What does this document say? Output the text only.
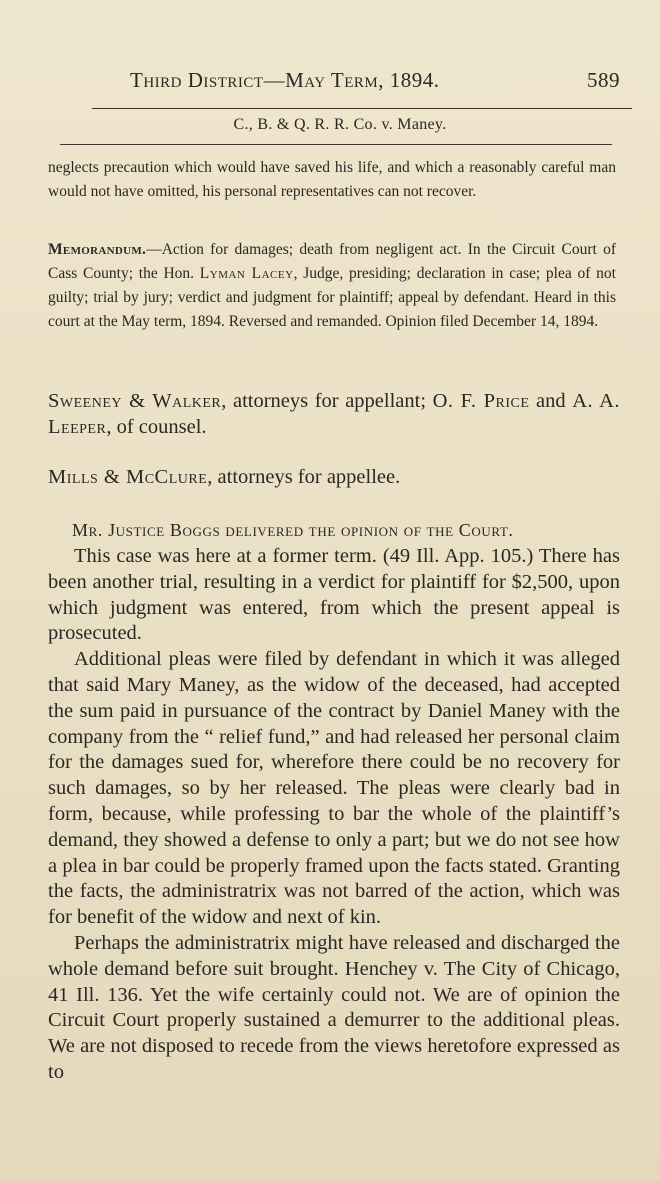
Third District—May Term, 1894.	589
C., B. & Q. R. R. Co. v. Maney.

neglects precaution which would have saved his life, and which a reasonably careful man would not have omitted, his personal representatives can not recover.

Memorandum.—Action for damages; death from negligent act. In the Circuit Court of Cass County; the Hon. Lyman Lacey, Judge, presiding; declaration in case; plea of not guilty; trial by jury; verdict and judgment for plaintiff; appeal by defendant. Heard in this court at the May term, 1894. Reversed and remanded. Opinion filed December 14, 1894.

Sweeney & Walker, attorneys for appellant; O. F. Price and A. A. Leeper, of counsel.

Mills & McClure, attorneys for appellee.

Mr. Justice Boggs delivered the opinion of the Court.

This case was here at a former term. (49 Ill. App. 105.) There has been another trial, resulting in a verdict for plaintiff for $2,500, upon which judgment was entered, from which the present appeal is prosecuted.

Additional pleas were filed by defendant in which it was alleged that said Mary Maney, as the widow of the deceased, had accepted the sum paid in pursuance of the contract by Daniel Maney with the company from the “ relief fund,” and had released her personal claim for the damages sued for, wherefore there could be no recovery for such damages, so by her released. The pleas were clearly bad in form, because, while professing to bar the whole of the plaintiff’s demand, they showed a defense to only a part; but we do not see how a plea in bar could be properly framed upon the facts stated. Granting the facts, the administratrix was not barred of the action, which was for benefit of the widow and next of kin.

Perhaps the administratrix might have released and discharged the whole demand before suit brought. Henchey v. The City of Chicago, 41 Ill. 136. Yet the wife certainly could not. We are of opinion the Circuit Court properly sustained a demurrer to the additional pleas. We are not disposed to recede from the views heretofore expressed as to
